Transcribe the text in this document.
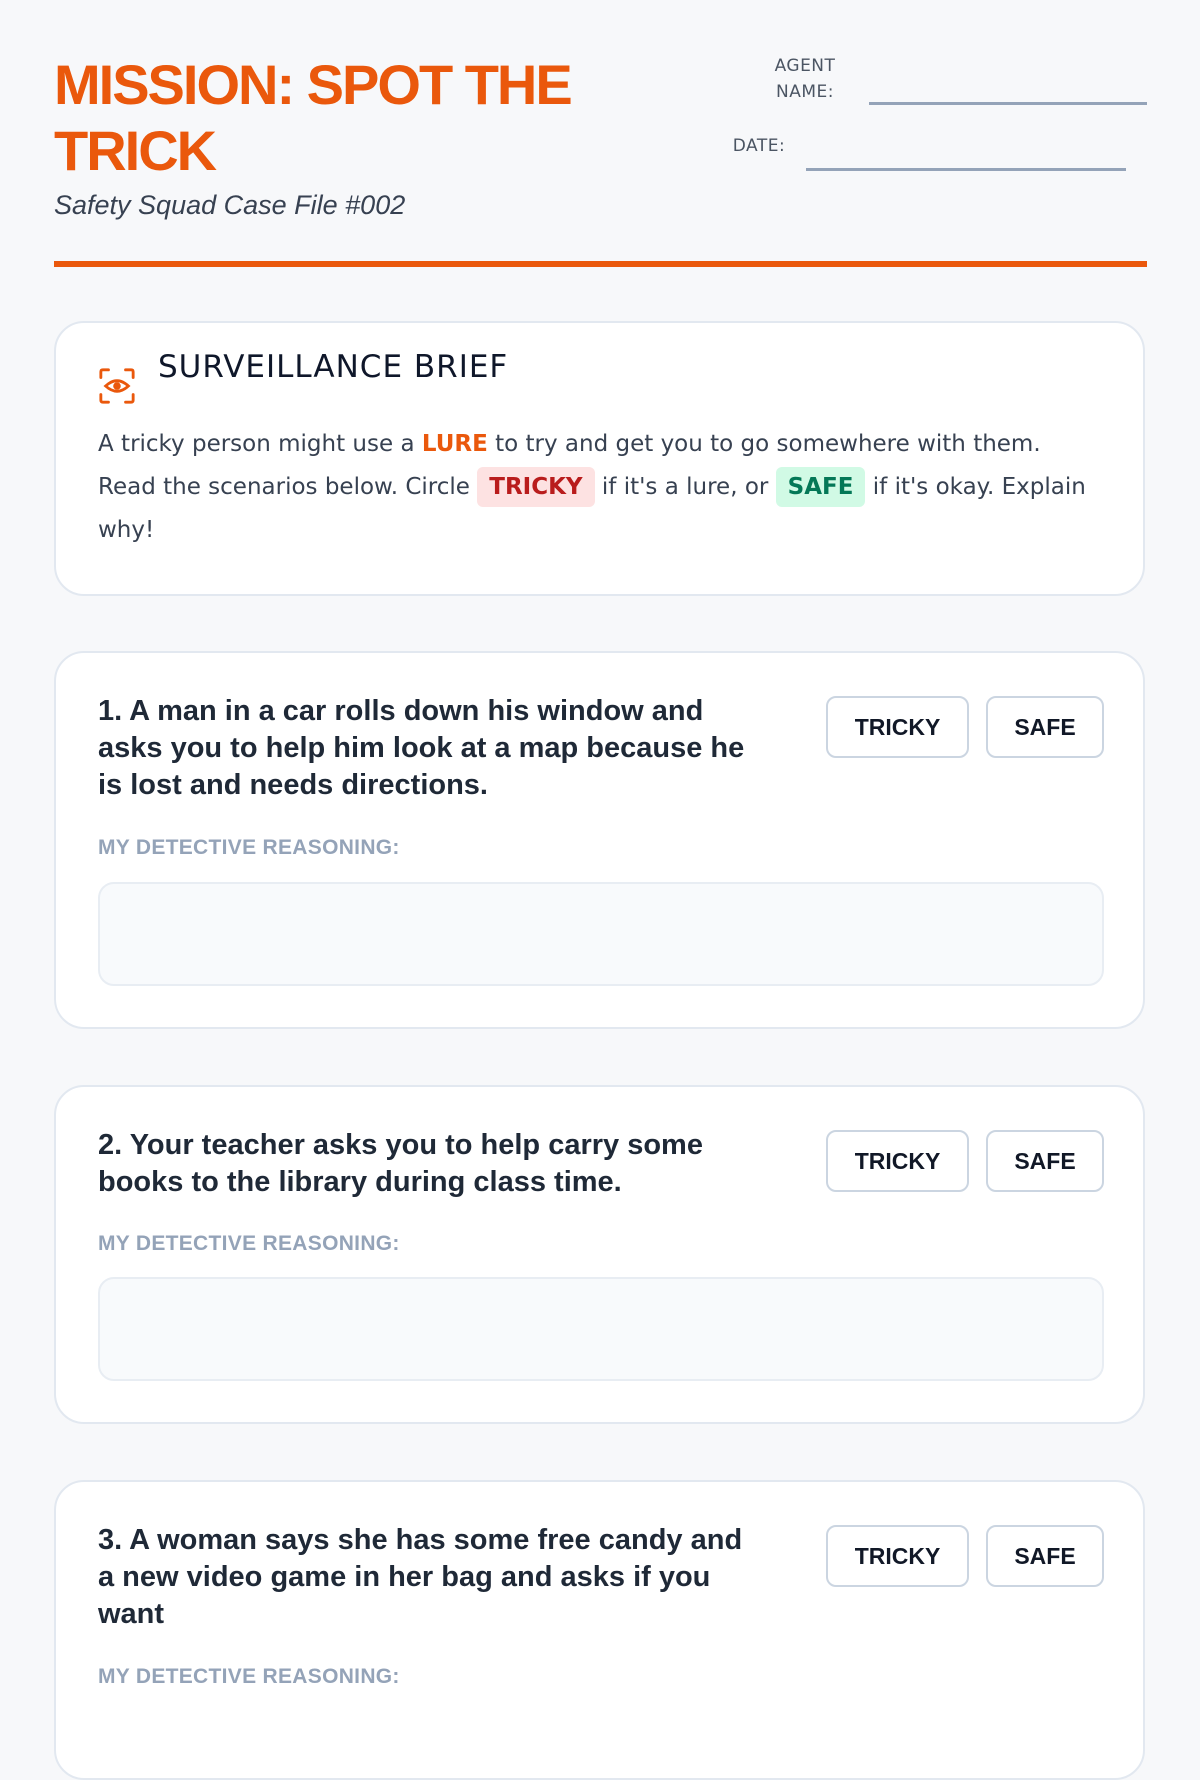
MISSION: SPOT THE TRICK
Safety Squad Case File #002
AGENT
NAME:
DATE:
SURVEILLANCE BRIEF
A tricky person might use a LURE to try and get you to go somewhere with them. Read the scenarios below. Circle TRICKY if it's a lure, or SAFE if it's okay. Explain why!

1. A man in a car rolls down his window and asks you to help him look at a map because he is lost and needs directions.

TRICKY	SAFE
MY DETECTIVE REASONING:

2. Your teacher asks you to help carry some books to the library during class time.

TRICKY	SAFE
MY DETECTIVE REASONING:

3. A woman says she has some free candy and a new video game in her bag and asks if you want

TRICKY	SAFE
MY DETECTIVE REASONING:
